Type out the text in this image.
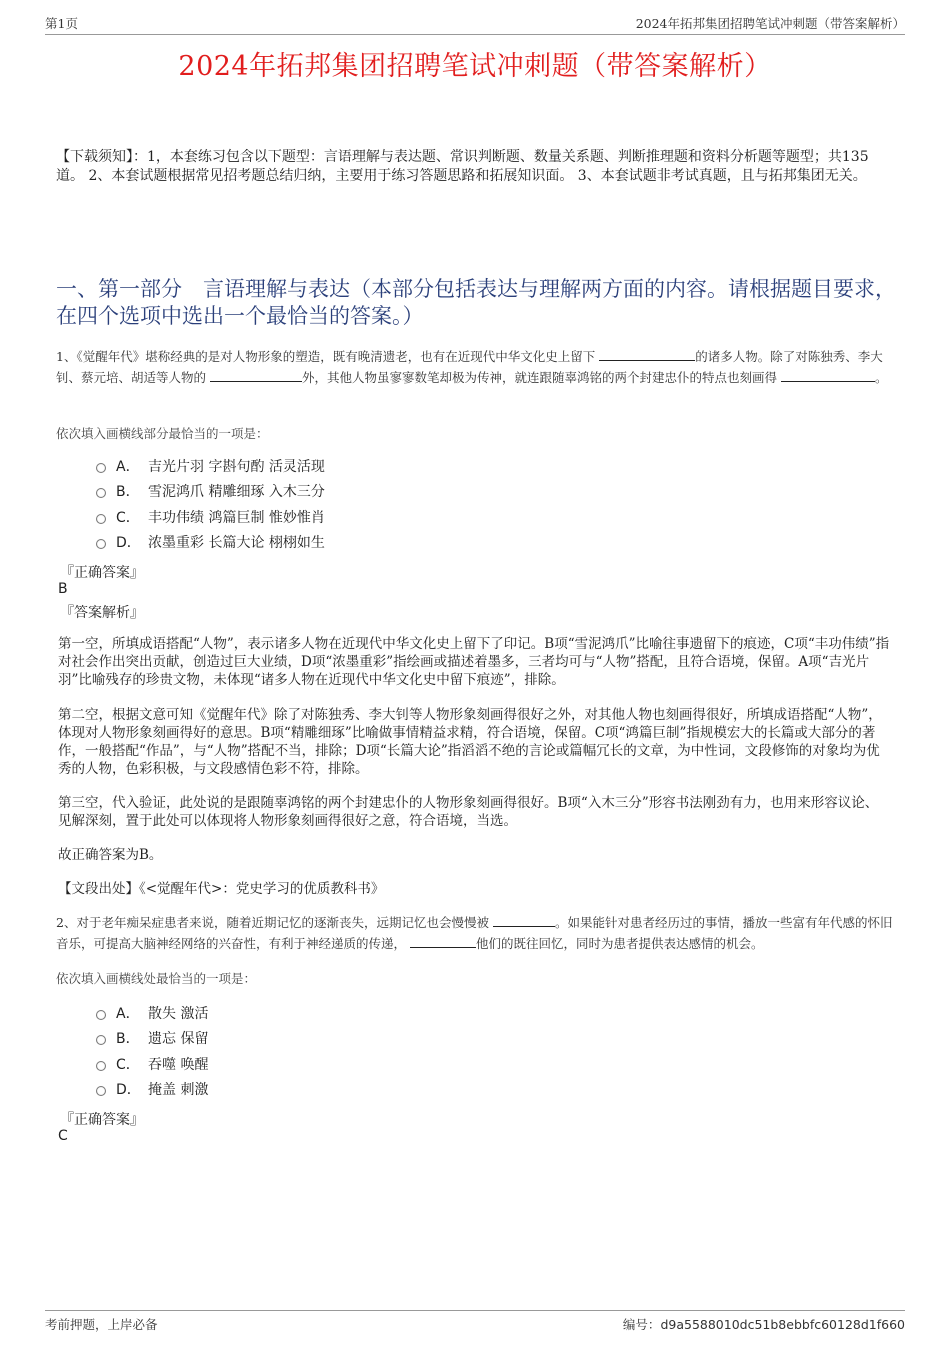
第1页	2024年拓邦集团招聘笔试冲刺题（带答案解析）
2024年拓邦集团招聘笔试冲刺题（带答案解析）
【下载须知】：1，本套练习包含以下题型：言语理解与表达题、常识判断题、数量关系题、判断推理题和资料分析题等题型；共135道。 2、本套试题根据常见招考题总结归纳，主要用于练习答题思路和拓展知识面。 3、本套试题非考试真题，且与拓邦集团无关。
一、第一部分　言语理解与表达（本部分包括表达与理解两方面的内容。请根据题目要求，在四个选项中选出一个最恰当的答案。）
1、《觉醒年代》堪称经典的是对人物形象的塑造，既有晚清遗老，也有在近现代中华文化史上留下	的诸多人物。除了对陈独秀、李大钊、蔡元培、胡适等人物的	外，其他人物虽寥寥数笔却极为传神，就连跟随辜鸿铭的两个封建忠仆的特点也刻画得	。
依次填入画横线部分最恰当的一项是：
A． 吉光片羽 字斟句酌 活灵活现
B． 雪泥鸿爪 精雕细琢 入木三分
C． 丰功伟绩 鸿篇巨制 惟妙惟肖
D． 浓墨重彩 长篇大论 栩栩如生
『正确答案』
B
『答案解析』
第一空，所填成语搭配“人物”，表示诸多人物在近现代中华文化史上留下了印记。B项“雪泥鸿爪”比喻往事遗留下的痕迹，C项“丰功伟绩”指对社会作出突出贡献，创造过巨大业绩，D项“浓墨重彩”指绘画或描述着墨多，三者均可与“人物”搭配，且符合语境，保留。A项“吉光片羽”比喻残存的珍贵文物，未体现“诸多人物在近现代中华文化史中留下痕迹”，排除。
第二空，根据文意可知《觉醒年代》除了对陈独秀、李大钊等人物形象刻画得很好之外，对其他人物也刻画得很好，所填成语搭配“人物”，体现对人物形象刻画得好的意思。B项“精雕细琢”比喻做事情精益求精，符合语境，保留。C项“鸿篇巨制”指规模宏大的长篇或大部分的著作，一般搭配“作品”，与“人物”搭配不当，排除；D项“长篇大论”指滔滔不绝的言论或篇幅冗长的文章，为中性词，文段修饰的对象均为优秀的人物，色彩积极，与文段感情色彩不符，排除。
第三空，代入验证，此处说的是跟随辜鸿铭的两个封建忠仆的人物形象刻画得很好。B项“入木三分”形容书法刚劲有力，也用来形容议论、见解深刻，置于此处可以体现将人物形象刻画得很好之意，符合语境，当选。
故正确答案为B。
【文段出处】《<觉醒年代>：党史学习的优质教科书》
2、对于老年痴呆症患者来说，随着近期记忆的逐渐丧失，远期记忆也会慢慢被	。如果能针对患者经历过的事情，播放一些富有年代感的怀旧音乐，可提高大脑神经网络的兴奋性，有利于神经递质的传递，	他们的既往回忆，同时为患者提供表达感情的机会。
依次填入画横线处最恰当的一项是：
A． 散失 激活
B． 遗忘 保留
C． 吞噬 唤醒
D． 掩盖 刺激
『正确答案』
C
考前押题，上岸必备	编号：d9a5588010dc51b8ebbfc60128d1f660
